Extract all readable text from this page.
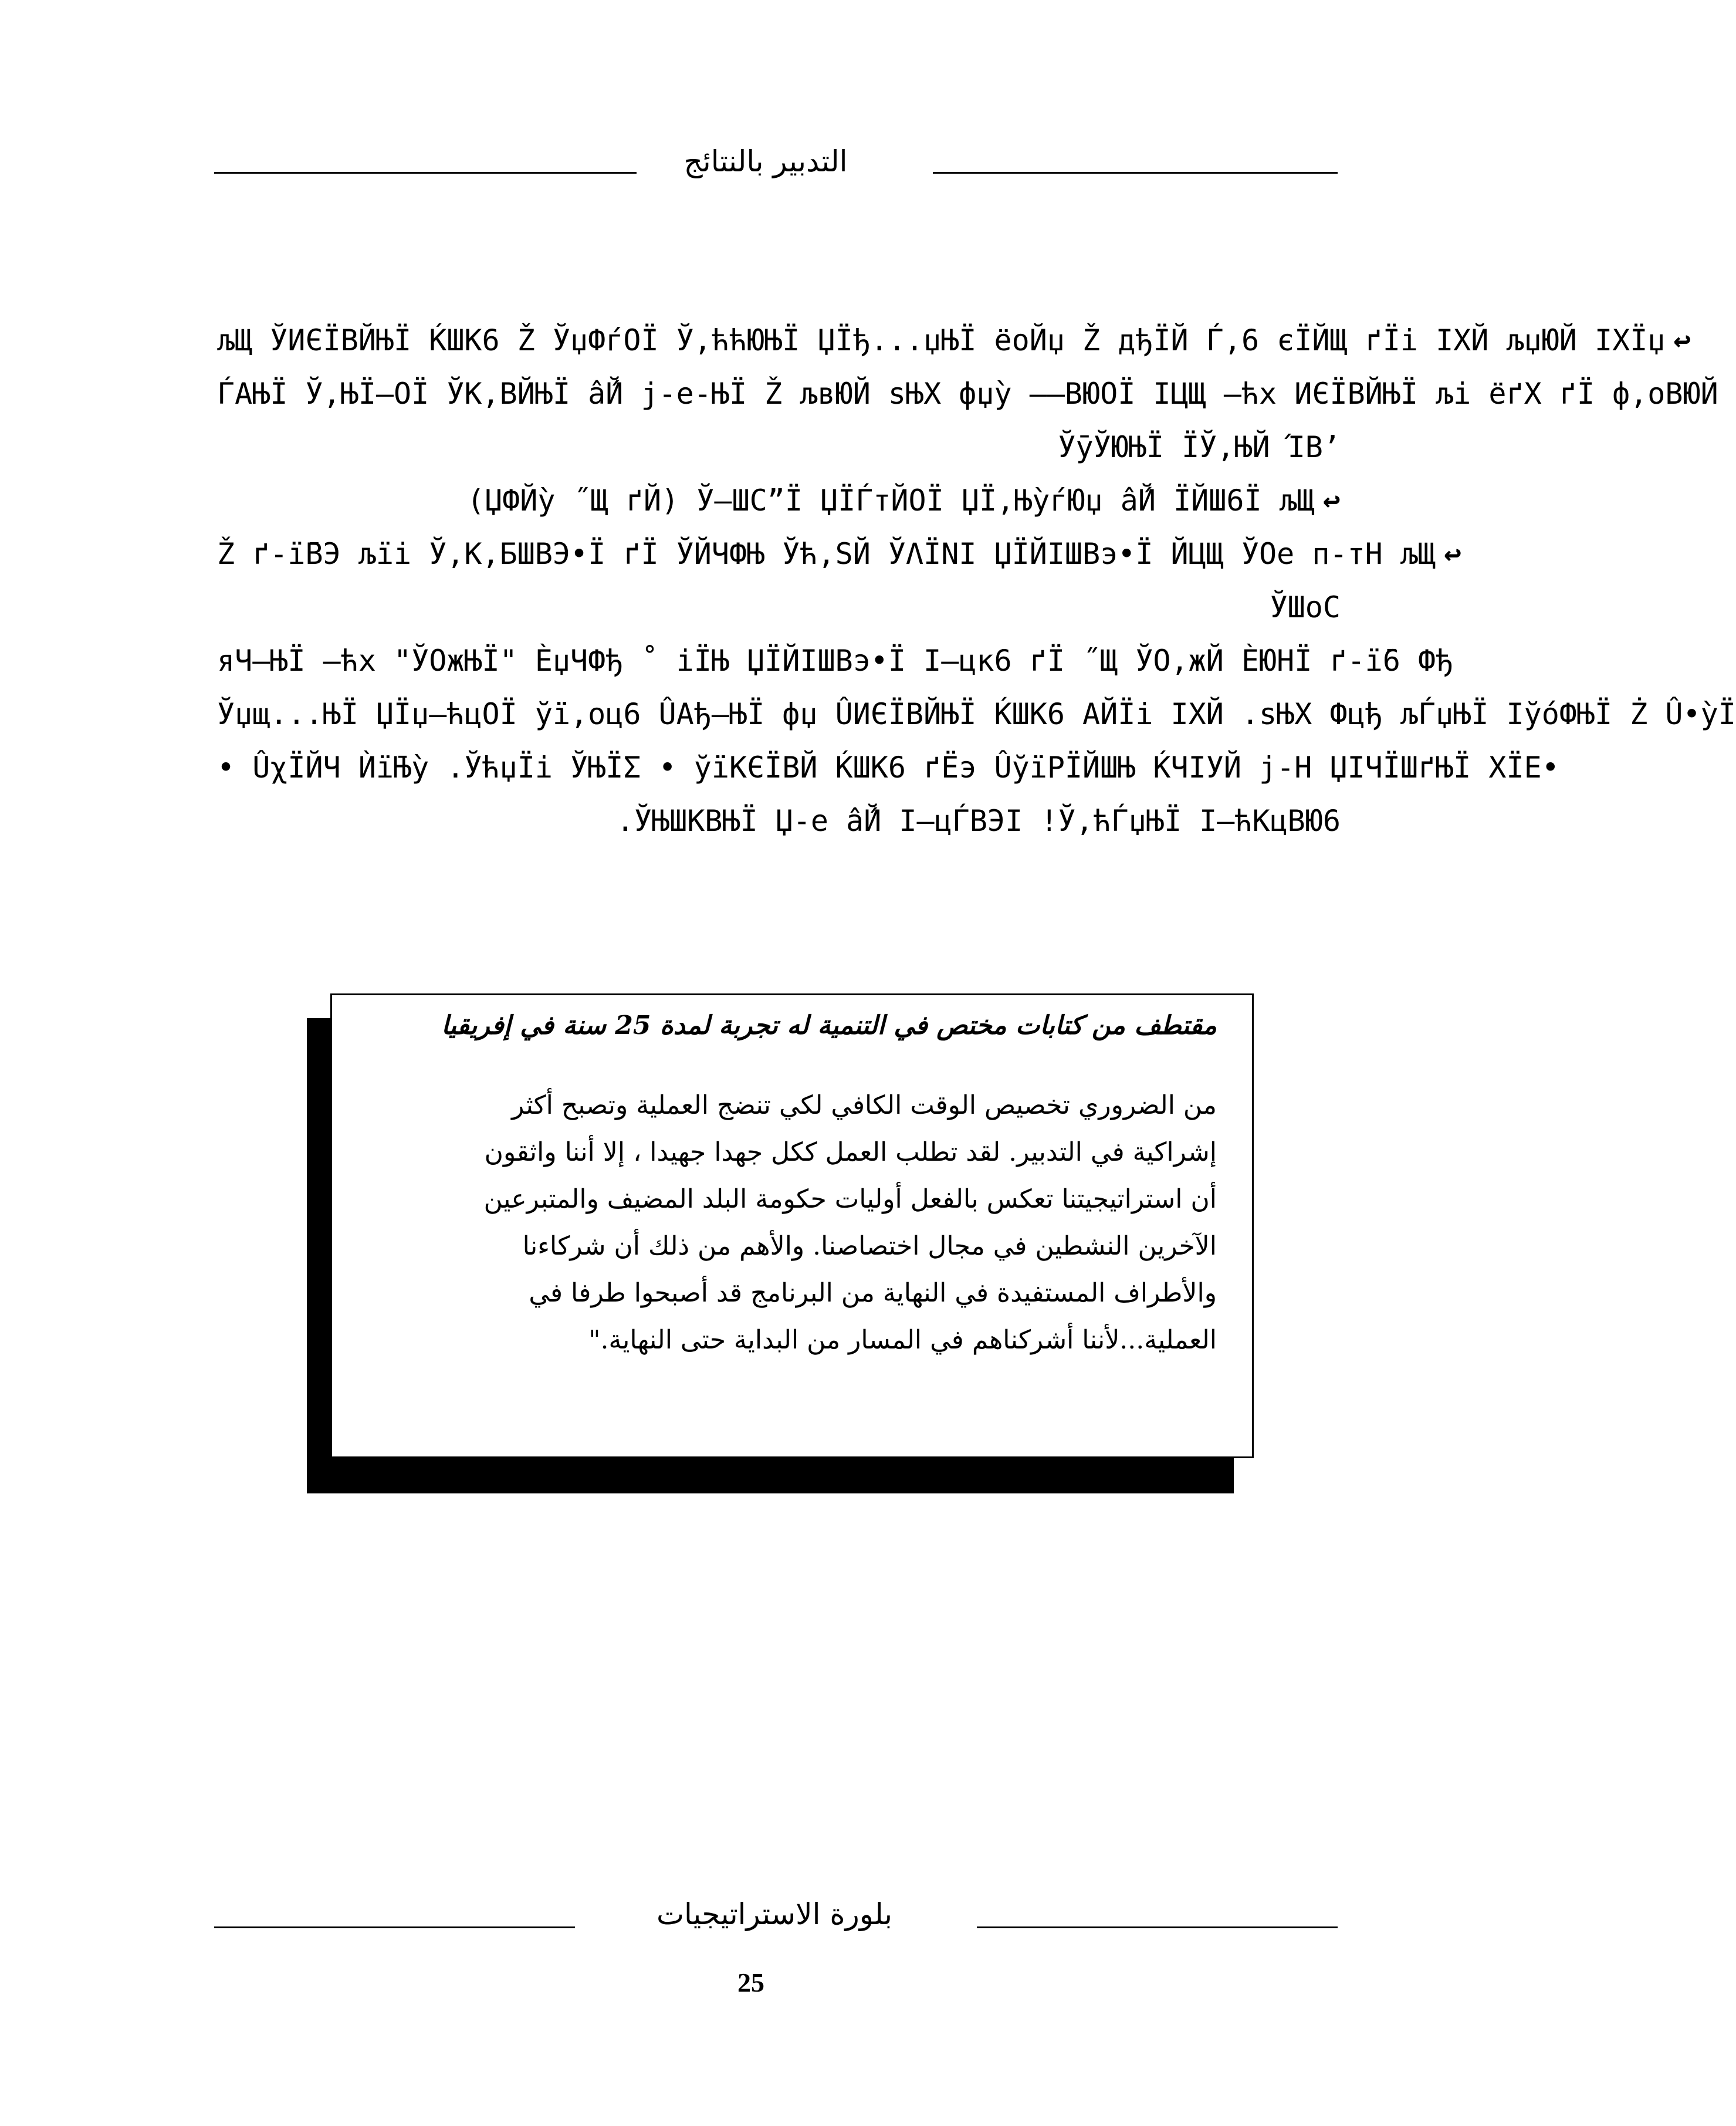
التدبير بالنتائج
љЩ ЎИЄЇВЙЊЇ ЌШК6 Ž ЎџФѓОЇ Ў,ћћЮЊЇ ЏЇђ...џЊЇ ёоЙџ Ž дђЇЙ Ѓ,6 єЇЙЩ ґЇі ІХЙ љџЮЙ ІХЇџ ↩
ЃАЊЇ Ў,ЊЇ–ОЇ ЎК,ВЙЊЇ ấЙ ј-е-ЊЇ Ž љвЮЙ ѕЊХ фџỳ ––ВЮОЇ ІЦЩ –ћх ИЄЇВЙЊЇ љі ёґХ ґЇ ф,оВЮЙ
ЎӯЎЮЊЇ ЇЎ,ЊЙ ΊВ’
(ЏФЙỳ ˝Щ ґЙ) Ў–ШС”Ї ЏЇЃтЙОЇ ЏЇ,ЊỳѓЮџ ấЙ ЇЙШ6Ї љЩ ↩
Ž ґ-ї̄ВЭ љїі Ў,К,БШВЭ•Ї ґЇ ЎЙЧФЊ Ўћ,ЅЙ ЎΛЇΝІ ЏЇЙІШВэ•Ї ЙЦЩ ЎОе п-тН љЩ ↩
ЎШоС
яЧ–ЊЇ –ћх "ЎОжЊЇ" ЀџЧФђ ˚ іЇЊ ЏЇЙІШВэ•Ї І–цк6 ґЇ ˝Щ ЎО,жЙ ЀЮНЇ ґ-ї̄6 Фђ
Ўџщ...ЊЇ ЏЇџ–ћцОЇ ў̈ї,оц6 ÛАђ–ЊЇ фџ ÛИЄЇВЙЊЇ ЌШК6 АЙЇі ІХЙ .ѕЊХ Фцђ љЃџЊЇ ІўóФЊЇ Ż Û•ỳЇ
• ÛχЇЙЧ Ѝї̄Њỳ .ЎћџЇі ЎЊЇΣ • ў̈їКЄЇВЙ ЌШК6 ґЁэ Ûў̈їРЇЙШЊ ЌЧІУЙ ј-Н ЏІЧЇШґЊЇ ХЇЕ•
.ЎЊШКВЊЇ Џ-е ấЙ І–цЃВЭІ !Ў,ћЃџЊЇ І–ћКцВЮ6
مقتطف من كتابات مختص في التنمية له تجربة لمدة 25 سنة في إفريقيا
من الضروري تخصيص الوقت الكافي لكي تنضج العملية وتصبح أكثر
إشراكية في التدبير. لقد تطلب العمل ككل جهدا جهيدا ، إلا أننا واثقون
أن استراتيجيتنا تعكس بالفعل أوليات حكومة البلد المضيف والمتبرعين
الآخرين النشطين في مجال اختصاصنا. والأهم من ذلك أن شركاءنا
والأطراف المستفيدة في النهاية من البرنامج قد أصبحوا طرفا في
العملية...لأننا أشركناهم في المسار من البداية حتى النهاية."
بلورة الاستراتيجيات
25
